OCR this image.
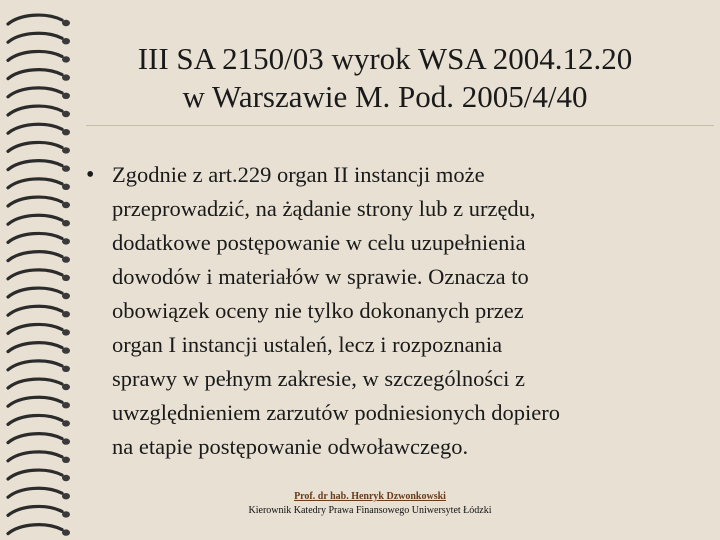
III SA 2150/03 wyrok WSA 2004.12.20
w Warszawie M. Pod. 2005/4/40
• Zgodnie z art.229 organ II instancji może
przeprowadzić, na żądanie strony lub z urzędu,
dodatkowe postępowanie w celu uzupełnienia
dowodów i materiałów w sprawie. Oznacza to
obowiązek oceny nie tylko dokonanych przez
organ I instancji ustaleń, lecz i rozpoznania
sprawy w pełnym zakresie, w szczególności z
uwzględnieniem zarzutów podniesionych dopiero
na etapie postępowanie odwoławczego.
Prof. dr hab. Henryk Dzwonkowski
Kierownik Katedry Prawa Finansowego Uniwersytet Łódzki
